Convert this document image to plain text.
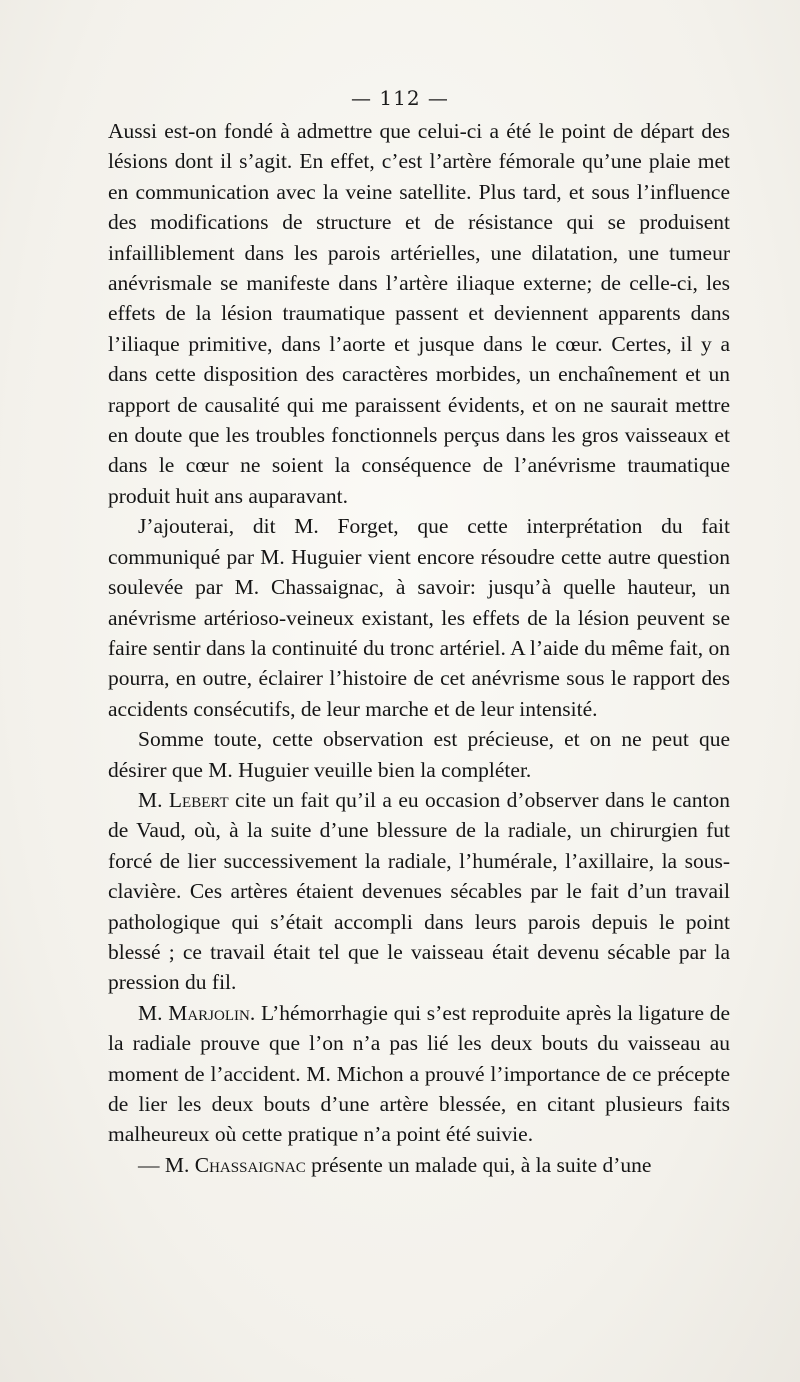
— 112 —

Aussi est-on fondé à admettre que celui-ci a été le point de départ des lésions dont il s’agit. En effet, c’est l’artère fémorale qu’une plaie met en communication avec la veine satellite. Plus tard, et sous l’influence des modifications de structure et de résistance qui se produisent infailliblement dans les parois artérielles, une dilatation, une tumeur anévrismale se manifeste dans l’artère iliaque externe; de celle-ci, les effets de la lésion traumatique passent et deviennent apparents dans l’iliaque primitive, dans l’aorte et jusque dans le cœur. Certes, il y a dans cette disposition des caractères morbides, un enchaînement et un rapport de causalité qui me paraissent évidents, et on ne saurait mettre en doute que les troubles fonctionnels perçus dans les gros vaisseaux et dans le cœur ne soient la conséquence de l’anévrisme traumatique produit huit ans auparavant.

J’ajouterai, dit M. Forget, que cette interprétation du fait communiqué par M. Huguier vient encore résoudre cette autre question soulevée par M. Chassaignac, à savoir: jusqu’à quelle hauteur, un anévrisme artérioso-veineux existant, les effets de la lésion peuvent se faire sentir dans la continuité du tronc artériel. A l’aide du même fait, on pourra, en outre, éclairer l’histoire de cet anévrisme sous le rapport des accidents consécutifs, de leur marche et de leur intensité.

Somme toute, cette observation est précieuse, et on ne peut que désirer que M. Huguier veuille bien la compléter.

M. Lebert cite un fait qu’il a eu occasion d’observer dans le canton de Vaud, où, à la suite d’une blessure de la radiale, un chirurgien fut forcé de lier successivement la radiale, l’humérale, l’axillaire, la sous-clavière. Ces artères étaient devenues sécables par le fait d’un travail pathologique qui s’était accompli dans leurs parois depuis le point blessé ; ce travail était tel que le vaisseau était devenu sécable par la pression du fil.

M. Marjolin. L’hémorrhagie qui s’est reproduite après la ligature de la radiale prouve que l’on n’a pas lié les deux bouts du vaisseau au moment de l’accident. M. Michon a prouvé l’importance de ce précepte de lier les deux bouts d’une artère blessée, en citant plusieurs faits malheureux où cette pratique n’a point été suivie.

— M. Chassaignac présente un malade qui, à la suite d’une
